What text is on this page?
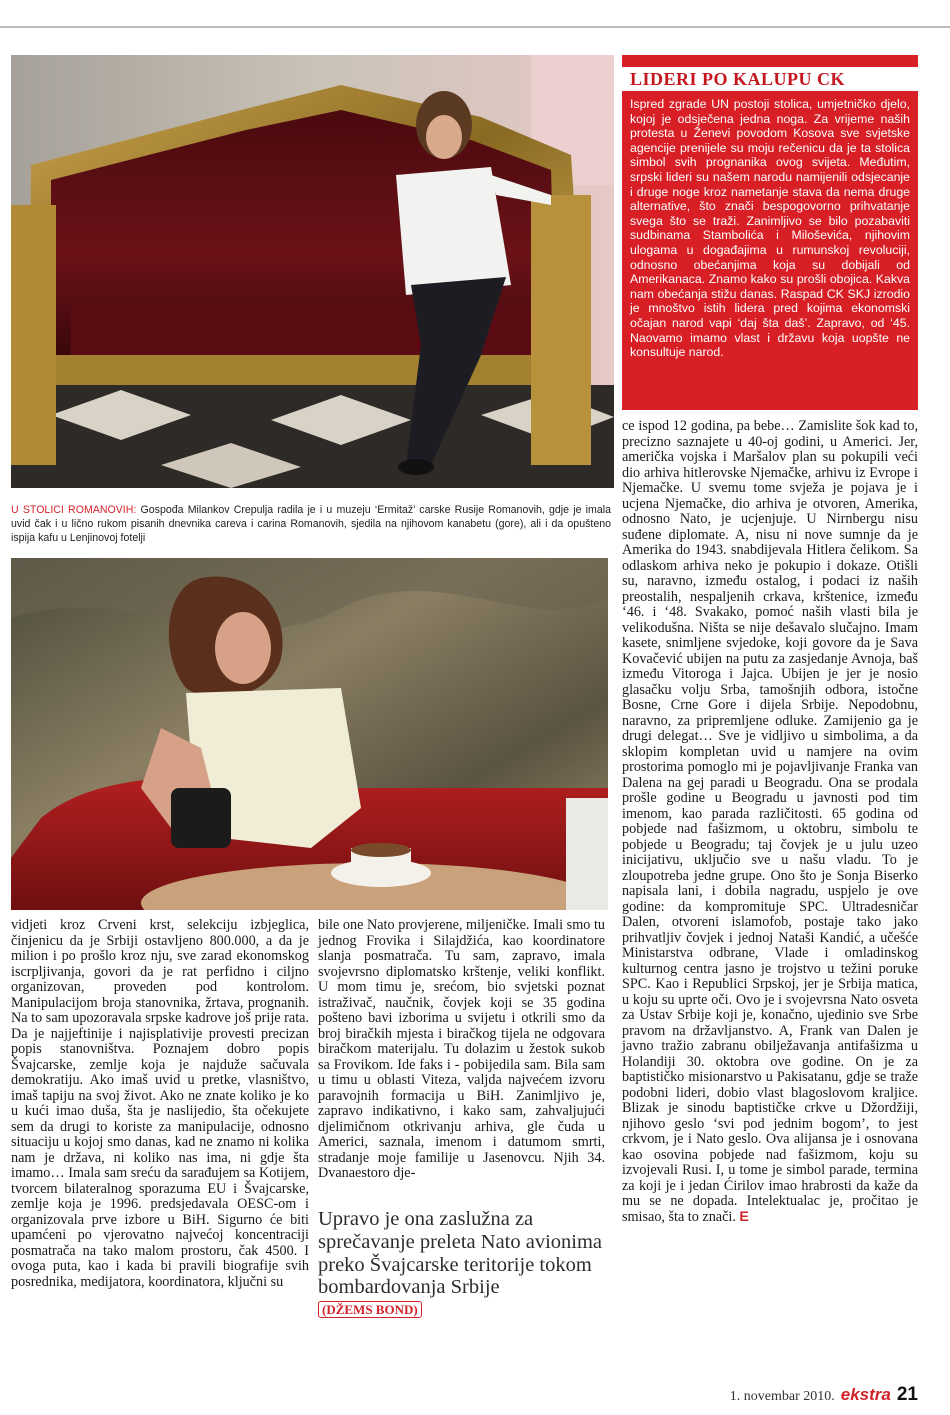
U STOLICI ROMANOVIH: Gospođa Milankov Crepulja radila je i u muzeju ‘Ermitaž’ carske Rusije Romanovih, gdje je imala uvid čak i u lično rukom pisanih dnevnika careva i carina Romanovih, sjedila na njihovom kanabetu (gore), ali i da opušteno ispija kafu u Lenjinovoj fotelji
LIDERI PO KALUPU CK

Ispred zgrade UN postoji stolica, umjetničko djelo, kojoj je odsječena jedna noga. Za vrijeme naših protesta u Ženevi povodom Kosova sve svjetske agencije prenijele su moju rečenicu da je ta stolica simbol svih prognanika ovog svijeta. Međutim, srpski lideri su našem narodu namijenili odsjecanje i druge noge kroz nametanje stava da nema druge alternative, što znači bespogovorno prihvatanje svega što se traži. Zanimljivo se bilo pozabaviti sudbinama Stambolića i Miloševića, njihovim ulogama u događajima u rumunskoj revoluciji, odnosno obećanjima koja su dobijali od Amerikanaca. Znamo kako su prošli obojica. Kakva nam obećanja stižu danas. Raspad CK SKJ izrodio je mnoštvo istih lidera pred kojima ekonomski očajan narod vapi ‘daj šta daš’. Zapravo, od ‘45. Naovamo imamo vlast i državu koja uopšte ne konsultuje narod.

ce ispod 12 godina, pa bebe… Zamislite šok kad to, precizno saznajete u 40-oj godini, u Americi. Jer, američka vojska i Maršalov plan su pokupili veći dio arhiva hitlerovske Njemačke, arhivu iz Evrope i Njemačke. U svemu tome svježa je pojava je i ucjena Njemačke, dio arhiva je otvoren, Amerika, odnosno Nato, je ucjenjuje. U Nirnbergu nisu suđene diplomate. A, nisu ni nove sumnje da je Amerika do 1943. snabdijevala Hitlera čelikom. Sa odlaskom arhiva neko je pokupio i dokaze. Otišli su, naravno, između ostalog, i podaci iz naših preostalih, nespaljenih crkava, krštenice, između ‘46. i ‘48. Svakako, pomoć naših vlasti bila je velikodušna. Ništa se nije dešavalo slučajno. Imam kasete, snimljene svjedoke, koji govore da je Sava Kovačević ubijen na putu za zasjedanje Avnoja, baš između Vitoroga i Jajca. Ubijen je jer je nosio glasačku volju Srba, tamošnjih odbora, istočne Bosne, Crne Gore i dijela Srbije. Nepodobnu, naravno, za pripremljene odluke. Zamijenio ga je drugi delegat… Sve je vidljivo u simbolima, a da sklopim kompletan uvid u namjere na ovim prostorima pomoglo mi je pojavljivanje Franka van Dalena na gej paradi u Beogradu. Ona se prodala prošle godine u Beogradu u javnosti pod tim imenom, kao parada različitosti. 65 godina od pobjede nad fašizmom, u oktobru, simbolu te pobjede u Beogradu; taj čovjek je u julu uzeo inicijativu, uključio sve u našu vladu. To je zloupotreba jedne grupe. Ono što je Sonja Biserko napisala lani, i dobila nagradu, uspjelo je ove godine: da kompromituje SPC. Ultradesničar Dalen, otvoreni islamofob, postaje tako jako prihvatljiv čovjek i jednoj Nataši Kandić, a učešće Ministarstva odbrane, Vlade i omladinskog kulturnog centra jasno je trojstvo u težini poruke SPC. Kao i Republici Srpskoj, jer je Srbija matica, u koju su uprte oči. Ovo je i svojevrsna Nato osveta za Ustav Srbije koji je, konačno, ujedinio sve Srbe pravom na državljanstvo. A, Frank van Dalen je javno tražio zabranu obilježavanja antifašizma u Holandiji 30. oktobra ove godine. On je za baptističko misionarstvo u Pakisatanu, gdje se traže podobni lideri, dobio vlast blagoslovom kraljice. Blizak je sinodu baptističke crkve u Džordžiji, njihovo geslo ‘svi pod jednim bogom’, to jest crkvom, je i Nato geslo. Ova alijansa je i osnovana kao osovina pobjede nad fašizmom, koju su izvojevali Rusi. I, u tome je simbol parade, termina za koji je i jedan Ćirilov imao hrabrosti da kaže da mu se ne dopada. Intelektualac je, pročitao je smisao, šta to znači. E

vidjeti kroz Crveni krst, selekciju izbjeglica, činjenicu da je Srbiji ostavljeno 800.000, a da je milion i po prošlo kroz nju, sve zarad ekonomskog iscrpljivanja, govori da je rat perfidno i ciljno organizovan, proveden pod kontrolom. Manipulacijom broja stanovnika, žrtava, prognanih. Na to sam upozoravala srpske kadrove još prije rata. Da je najjeftinije i najisplativije provesti precizan popis stanovništva. Poznajem dobro popis Švajcarske, zemlje koja je najduže sačuvala demokratiju. Ako imaš uvid u pretke, vlasništvo, imaš tapiju na svoj život. Ako ne znate koliko je ko u kući imao duša, šta je naslijedio, šta očekujete sem da drugi to koriste za manipulacije, odnosno situaciju u kojoj smo danas, kad ne znamo ni kolika nam je država, ni koliko nas ima, ni gdje šta imamo… Imala sam sreću da sarađujem sa Kotijem, tvorcem bilateralnog sporazuma EU i Švajcarske, zemlje koja je 1996. predsjedavala OESC-om i organizovala prve izbore u BiH. Sigurno će biti upamćeni po vjerovatno najvećoj koncentraciji posmatrača na tako malom prostoru, čak 4500. I ovoga puta, kao i kada bi pravili biografije svih posrednika, medijatora, koordinatora, ključni su

bile one Nato provjerene, miljeničke. Imali smo tu jednog Frovika i Silajdžića, kao koordinatore slanja posmatrača. Tu sam, zapravo, imala svojevrsno diplomatsko krštenje, veliki konflikt. U mom timu je, srećom, bio svjetski poznat istraživač, naučnik, čovjek koji se 35 godina pošteno bavi izborima u svijetu i otkrili smo da broj biračkih mjesta i biračkog tijela ne odgovara biračkom materijalu. Tu dolazim u žestok sukob sa Frovikom. Ide faks i - pobijedila sam. Bila sam u timu u oblasti Viteza, valjda najvećem izvoru paravojnih formacija u BiH. Zanimljivo je, zapravo indikativno, i kako sam, zahvaljujući djelimičnom otkrivanju arhiva, gle čuda u Americi, saznala, imenom i datumom smrti, stradanje moje familije u Jasenovcu. Njih 34. Dvanaestoro dje-

Upravo je ona zaslužna za sprečavanje preleta Nato avionima preko Švajcarske teritorije tokom bombardovanja Srbije (DŽEMS BOND)
1. novembar 2010. ekstra 21
